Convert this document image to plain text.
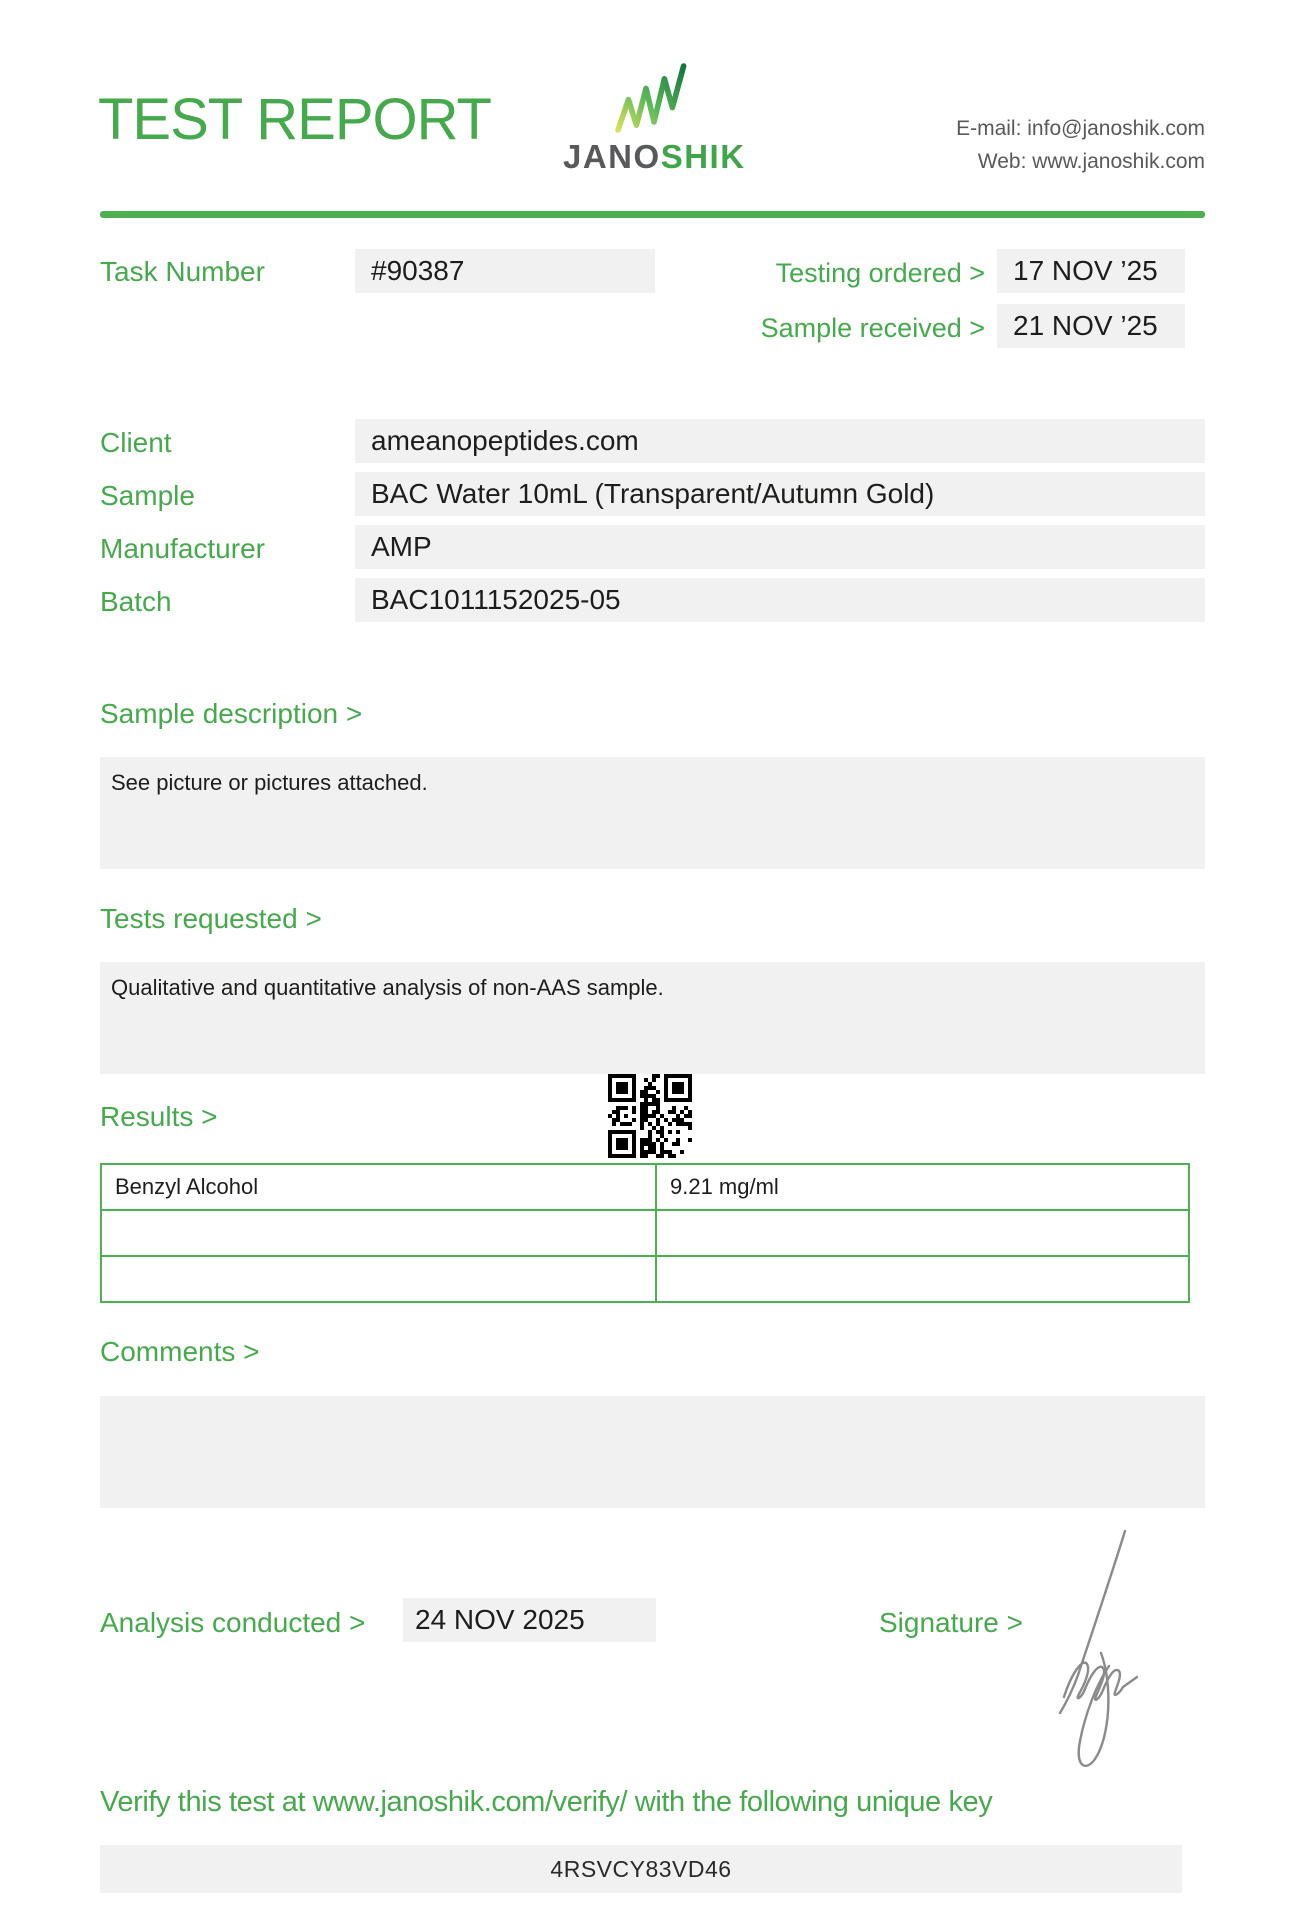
TEST REPORT
JANOSHIK
E-mail: info@janoshik.com
Web: www.janoshik.com
Task Number	#90387	Testing ordered >	17 NOV ’25
Sample received >	21 NOV ’25
Client	ameanopeptides.com
Sample	BAC Water 10mL (Transparent/Autumn Gold)
Manufacturer	AMP
Batch	BAC1011152025-05
Sample description >
See picture or pictures attached.
Tests requested >
Qualitative and quantitative analysis of non-AAS sample.
Results >
Benzyl Alcohol	9.21 mg/ml

Comments >
Analysis conducted >	24 NOV 2025	Signature >
Verify this test at www.janoshik.com/verify/ with the following unique key
4RSVCY83VD46
